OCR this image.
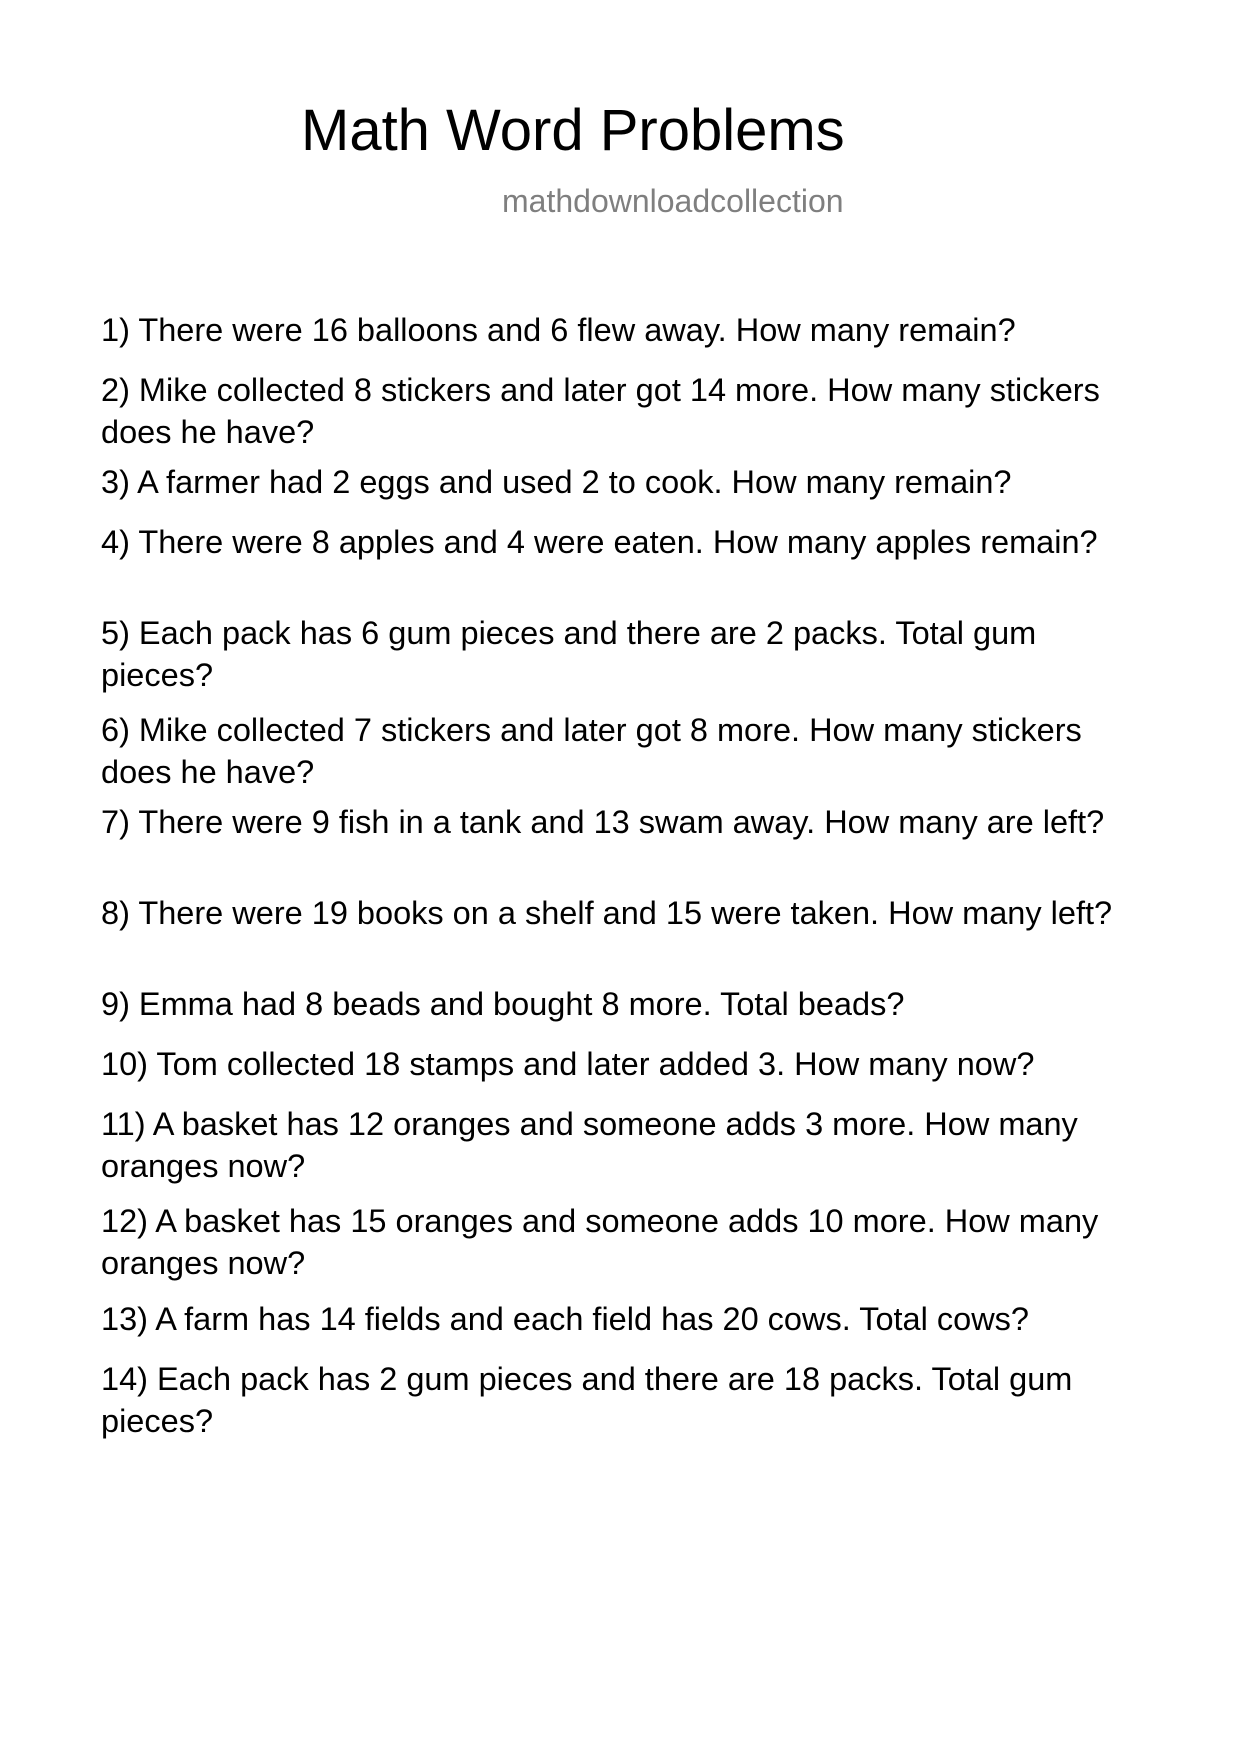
Math Word Problems
mathdownloadcollection
1) There were 16 balloons and 6 flew away. How many remain?
2) Mike collected 8 stickers and later got 14 more. How many stickers does he have?
3) A farmer had 2 eggs and used 2 to cook. How many remain?
4) There were 8 apples and 4 were eaten. How many apples remain?
5) Each pack has 6 gum pieces and there are 2 packs. Total gum pieces?
6) Mike collected 7 stickers and later got 8 more. How many stickers does he have?
7) There were 9 fish in a tank and 13 swam away. How many are left?
8) There were 19 books on a shelf and 15 were taken. How many left?
9) Emma had 8 beads and bought 8 more. Total beads?
10) Tom collected 18 stamps and later added 3. How many now?
11) A basket has 12 oranges and someone adds 3 more. How many oranges now?
12) A basket has 15 oranges and someone adds 10 more. How many oranges now?
13) A farm has 14 fields and each field has 20 cows. Total cows?
14) Each pack has 2 gum pieces and there are 18 packs. Total gum pieces?
